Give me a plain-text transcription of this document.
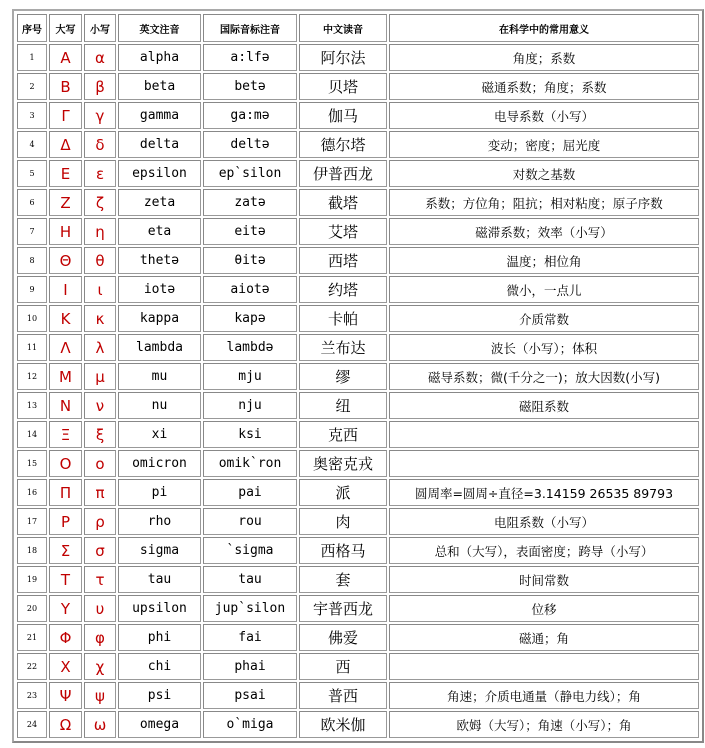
序号	大写	小写	英文注音	国际音标注音	中文读音	在科学中的常用意义
1	Α	α	alpha	a:lfə	阿尔法	角度；系数
2	Β	β	beta	betə	贝塔	磁通系数；角度；系数
3	Γ	γ	gamma	ga:mə	伽马	电导系数（小写）
4	Δ	δ	delta	deltə	德尔塔	变动；密度；屈光度
5	Ε	ε	epsilon	ep`silon	伊普西龙	对数之基数
6	Ζ	ζ	zeta	zatə	截塔	系数；方位角；阻抗；相对粘度；原子序数
7	Η	η	eta	eitə	艾塔	磁滞系数；效率（小写）
8	Θ	θ	thetə	θitə	西塔	温度；相位角
9	Ι	ι	iotə	aiotə	约塔	微小，一点儿
10	Κ	κ	kappa	kapə	卡帕	介质常数
11	Λ	λ	lambda	lambdə	兰布达	波长（小写）；体积
12	Μ	μ	mu	mju	缪	磁导系数；微(千分之一)；放大因数(小写)
13	Ν	ν	nu	nju	纽	磁阻系数
14	Ξ	ξ	xi	ksi	克西	
15	Ο	ο	omicron	omik`ron	奥密克戎	
16	Π	π	pi	pai	派	圆周率=圆周÷直径=3.14159 26535 89793
17	Ρ	ρ	rho	rou	肉	电阻系数（小写）
18	Σ	σ	sigma	`sigma	西格马	总和（大写），表面密度；跨导（小写）
19	Τ	τ	tau	tau	套	时间常数
20	Υ	υ	upsilon	jup`silon	宇普西龙	位移
21	Φ	φ	phi	fai	佛爱	磁通；角
22	Χ	χ	chi	phai	西	
23	Ψ	ψ	psi	psai	普西	角速；介质电通量（静电力线）；角
24	Ω	ω	omega	o`miga	欧米伽	欧姆（大写）；角速（小写）；角
